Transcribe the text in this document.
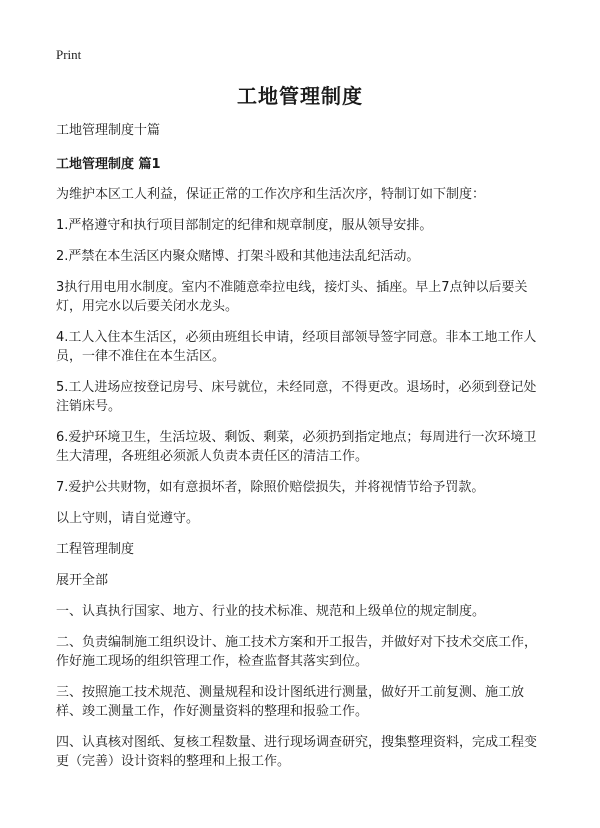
Print
工地管理制度
工地管理制度十篇
工地管理制度 篇1
为维护本区工人利益，保证正常的工作次序和生活次序，特制订如下制度：
1.严格遵守和执行项目部制定的纪律和规章制度，服从领导安排。
2.严禁在本生活区内聚众赌博、打架斗殴和其他违法乱纪活动。
3执行用电用水制度。室内不准随意牵拉电线，接灯头、插座。早上7点钟以后要关灯，用完水以后要关闭水龙头。
4.工人入住本生活区，必须由班组长申请，经项目部领导签字同意。非本工地工作人员，一律不准住在本生活区。
5.工人进场应按登记房号、床号就位，未经同意，不得更改。退场时，必须到登记处注销床号。
6.爱护环境卫生，生活垃圾、剩饭、剩菜，必须扔到指定地点；每周进行一次环境卫生大清理，各班组必须派人负责本责任区的清洁工作。
7.爱护公共财物，如有意损坏者，除照价赔偿损失，并将视情节给予罚款。
以上守则，请自觉遵守。
工程管理制度
展开全部
一、认真执行国家、地方、行业的技术标准、规范和上级单位的规定制度。
二、负责编制施工组织设计、施工技术方案和开工报告，并做好对下技术交底工作，作好施工现场的组织管理工作，检查监督其落实到位。
三、按照施工技术规范、测量规程和设计图纸进行测量，做好开工前复测、施工放样、竣工测量工作，作好测量资料的整理和报验工作。
四、认真核对图纸、复核工程数量、进行现场调查研究，搜集整理资料，完成工程变更（完善）设计资料的整理和上报工作。
